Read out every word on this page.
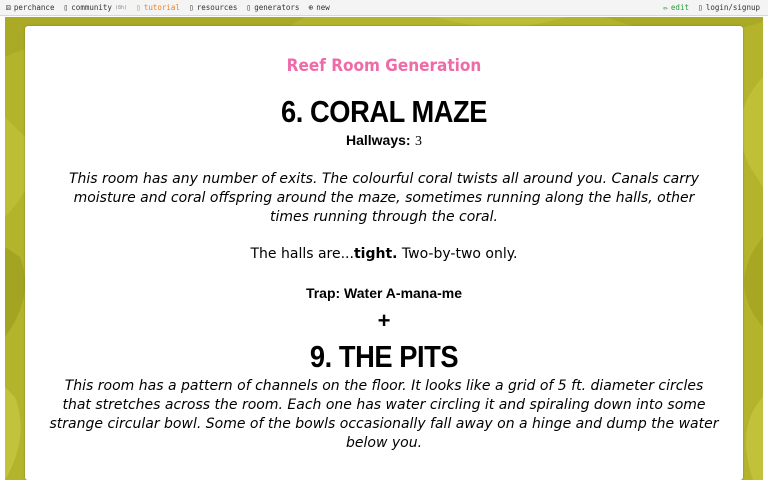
⚄ perchance ▯ community (8h) ▯ tutorial ▯ resources ▯ generators ⊕ new	✏ edit ▯ login/signup
Reef Room Generation
6. CORAL MAZE
Hallways: 3
This room has any number of exits. The colourful coral twists all around you. Canals carry moisture and coral offspring around the maze, sometimes running along the halls, other times running through the coral.
The halls are...tight. Two-by-two only.
Trap: Water A-mana-me
+
9. THE PITS
This room has a pattern of channels on the floor. It looks like a grid of 5 ft. diameter circles that stretches across the room. Each one has water circling it and spiraling down into some strange circular bowl. Some of the bowls occasionally fall away on a hinge and dump the water below you.
